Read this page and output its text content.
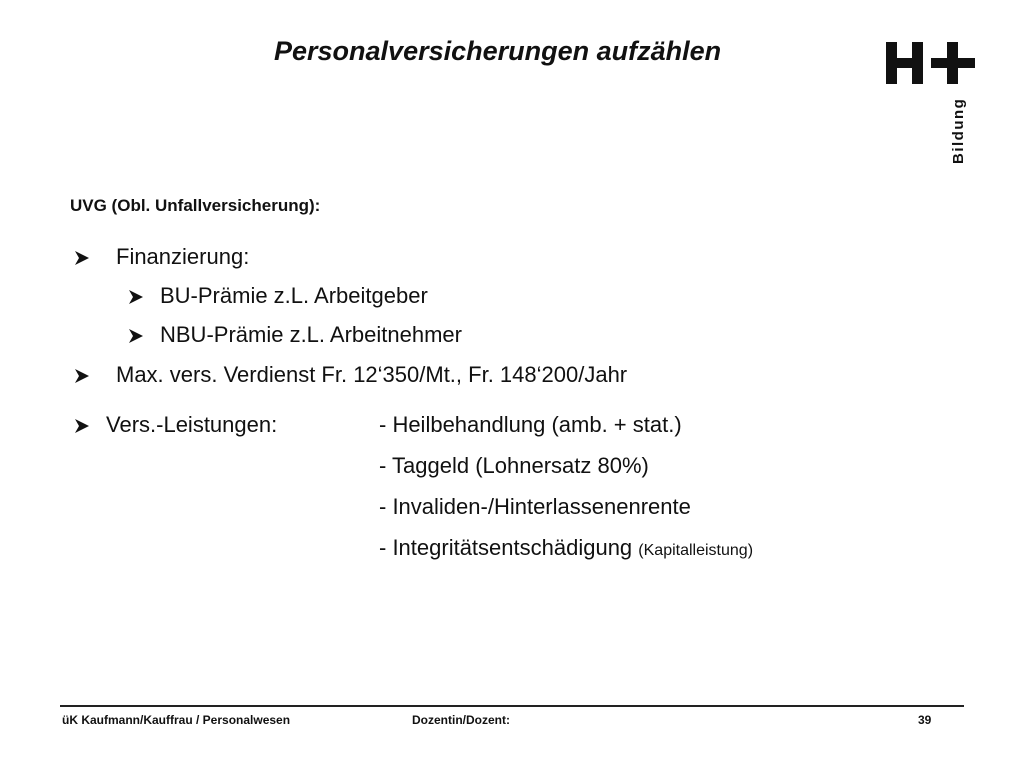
Personalversicherungen aufzählen
Bildung
UVG (Obl. Unfallversicherung):
Finanzierung:
BU-Prämie z.L. Arbeitgeber
NBU-Prämie z.L. Arbeitnehmer
Max. vers. Verdienst Fr. 12‘350/Mt., Fr. 148‘200/Jahr
Vers.-Leistungen:	- Heilbehandlung (amb. + stat.)
- Taggeld (Lohnersatz 80%)
- Invaliden-/Hinterlassenenrente
- Integritätsentschädigung (Kapitalleistung)
üK Kaufmann/Kauffrau / Personalwesen	Dozentin/Dozent:	39
